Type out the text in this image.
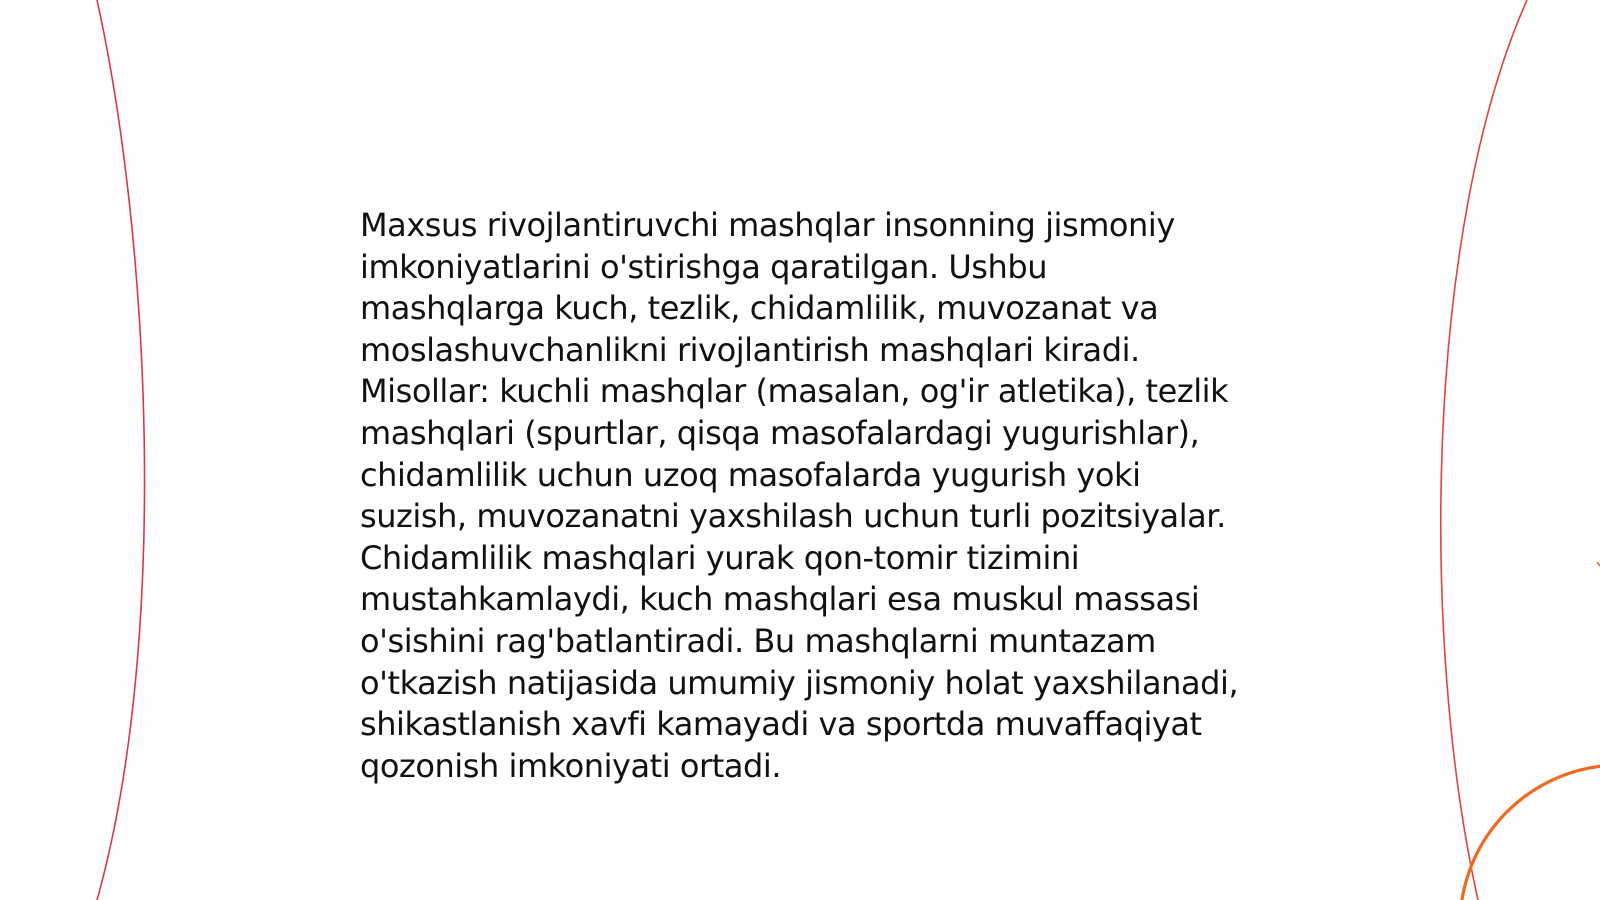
Maxsus rivojlantiruvchi mashqlar insonning jismoniy imkoniyatlarini o'stirishga qaratilgan. Ushbu mashqlarga kuch, tezlik, chidamlilik, muvozanat va moslashuvchanlikni rivojlantirish mashqlari kiradi. Misollar: kuchli mashqlar (masalan, og'ir atletika), tezlik mashqlari (spurtlar, qisqa masofalardagi yugurishlar), chidamlilik uchun uzoq masofalarda yugurish yoki suzish, muvozanatni yaxshilash uchun turli pozitsiyalar. Chidamlilik mashqlari yurak qon-tomir tizimini mustahkamlaydi, kuch mashqlari esa muskul massasi o'sishini rag'batlantiradi. Bu mashqlarni muntazam o'tkazish natijasida umumiy jismoniy holat yaxshilanadi, shikastlanish xavfi kamayadi va sportda muvaffaqiyat qozonish imkoniyati ortadi.
